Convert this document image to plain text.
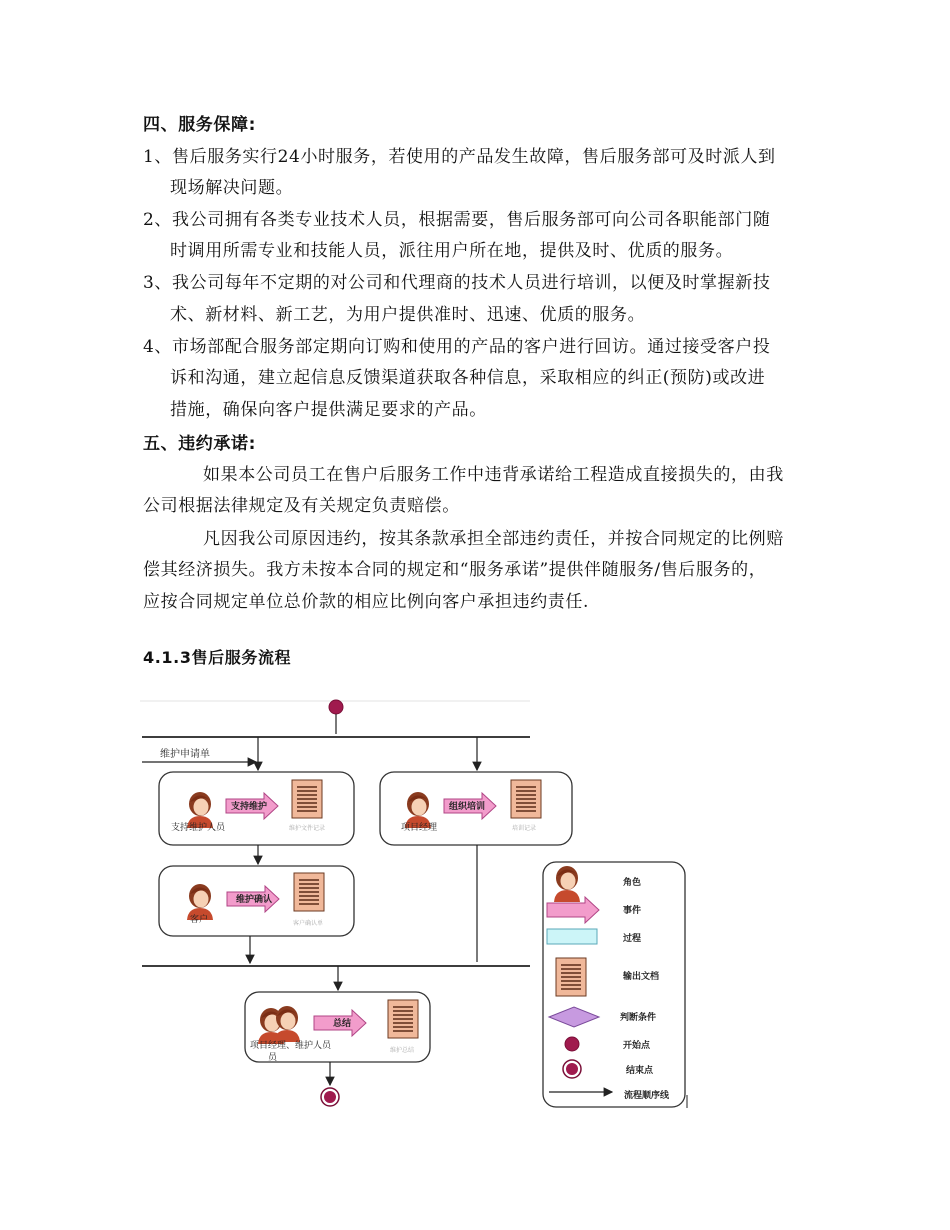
四、服务保障:
1、售后服务实行24小时服务，若使用的产品发生故障，售后服务部可及时派人到
现场解决问题。
2、我公司拥有各类专业技术人员，根据需要，售后服务部可向公司各职能部门随
时调用所需专业和技能人员，派往用户所在地，提供及时、优质的服务。
3、我公司每年不定期的对公司和代理商的技术人员进行培训，以便及时掌握新技
术、新材料、新工艺，为用户提供准时、迅速、优质的服务。
4、市场部配合服务部定期向订购和使用的产品的客户进行回访。通过接受客户投
诉和沟通，建立起信息反馈渠道获取各种信息，采取相应的纠正(预防)或改进
措施，确保向客户提供满足要求的产品。
五、违约承诺:
如果本公司员工在售户后服务工作中违背承诺给工程造成直接损失的，由我
公司根据法律规定及有关规定负责赔偿。
凡因我公司原因违约，按其条款承担全部违约责任，并按合同规定的比例赔
偿其经济损失。我方未按本合同的规定和“服务承诺”提供伴随服务/售后服务的，
应按合同规定单位总价款的相应比例向客户承担违约责任.
4.1.3售后服务流程
维护申请单
支持维护人员
支持维护
维护文件记录	项目经理
组织培训
培训记录
客户
维护确认
客户确认单
项目经理、维护人员
员
总结
维护总结
角色
事件
过程
输出文档
判断条件
开始点
结束点
流程顺序线
